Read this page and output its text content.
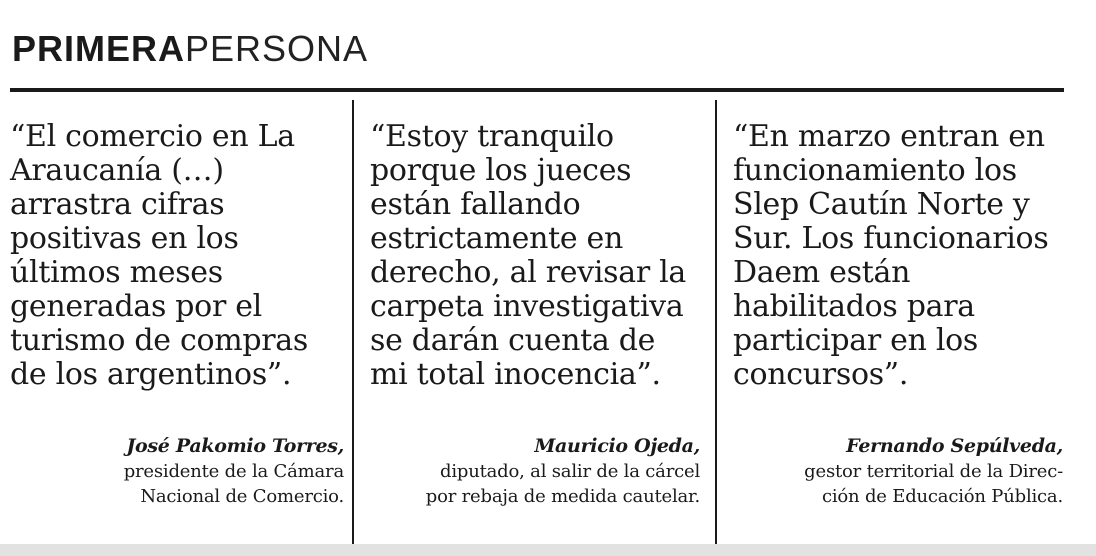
PRIMERA PERSONA

“El comercio en La Araucanía (…) arrastra cifras positivas en los últimos meses generadas por el turismo de compras de los argentinos”.

José Pakomio Torres,
presidente de la Cámara
Nacional de Comercio.

“Estoy tranquilo porque los jueces están fallando estrictamente en derecho, al revisar la carpeta investigativa se darán cuenta de mi total inocencia”.

Mauricio Ojeda,
diputado, al salir de la cárcel
por rebaja de medida cautelar.

“En marzo entran en funcionamiento los Slep Cautín Norte y Sur. Los funcionarios Daem están habilitados para participar en los concursos”.

Fernando Sepúlveda,
gestor territorial de la Direc-
ción de Educación Pública.
